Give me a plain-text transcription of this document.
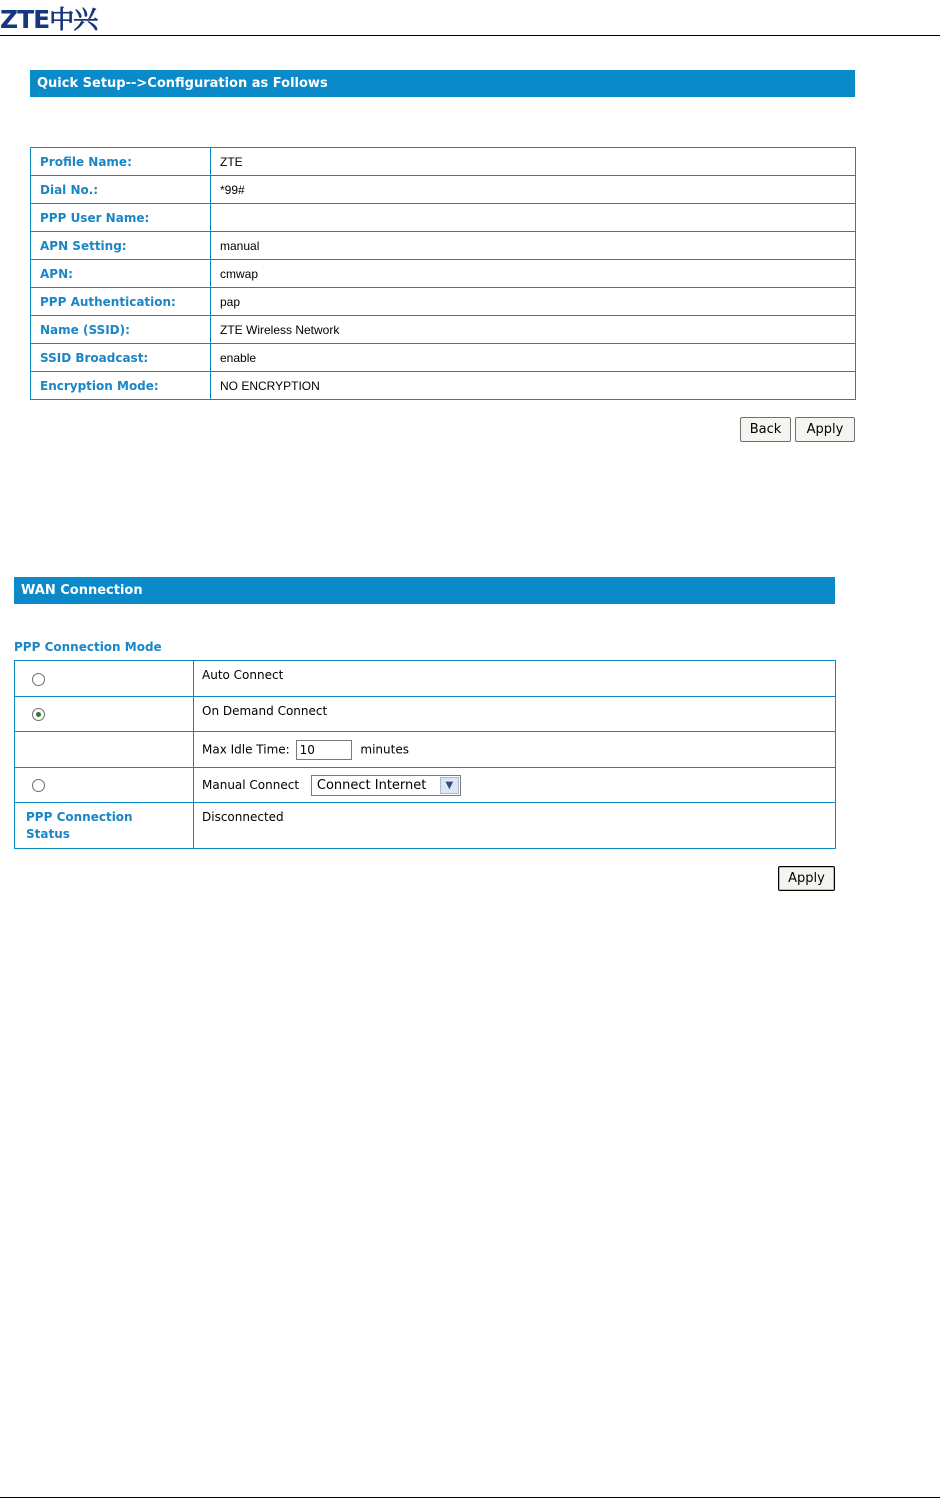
ZTE中兴
Quick Setup-->Configuration as Follows
Profile Name:	ZTE
Dial No.:	*99#
PPP User Name:	
APN Setting:	manual
APN:	cmwap
PPP Authentication:	pap
Name (SSID):	ZTE Wireless Network
SSID Broadcast:	enable
Encryption Mode:	NO ENCRYPTION
Back	Apply
WAN Connection
PPP Connection Mode
	Auto Connect
	On Demand Connect
	Max Idle Time: 10 minutes
	Manual Connect Connect Internet ▼

PPP Connection Status	Disconnected
Apply
